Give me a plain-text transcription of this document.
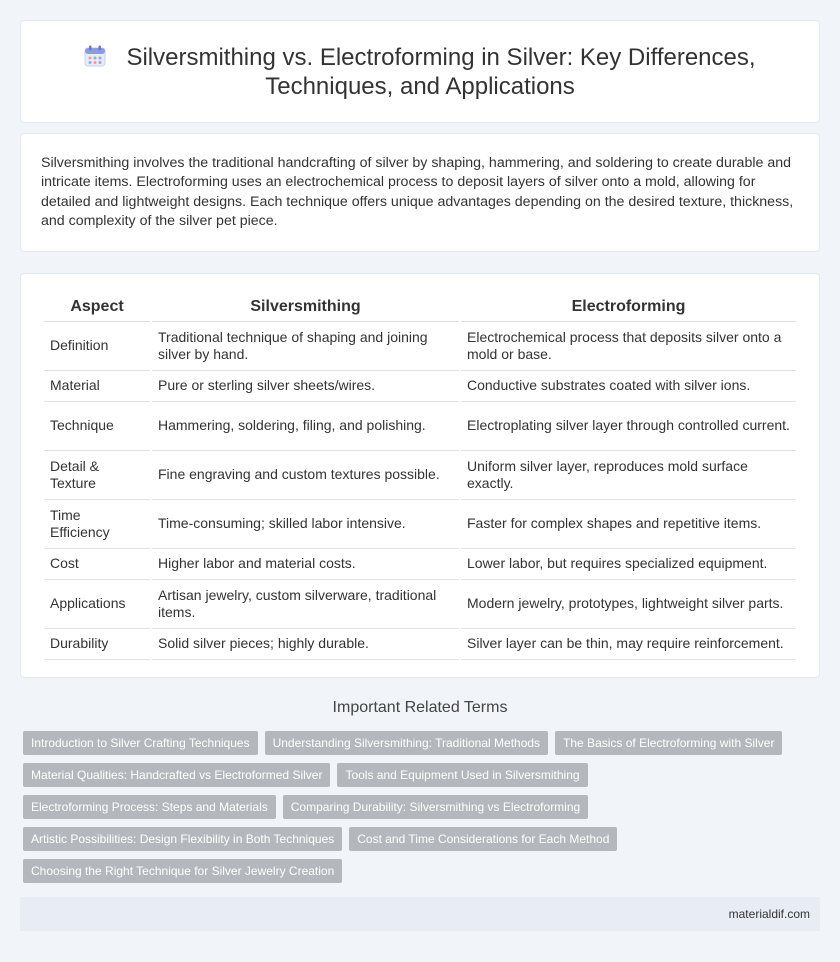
Silversmithing vs. Electroforming in Silver: Key Differences,
Techniques, and Applications

Silversmithing involves the traditional handcrafting of silver by shaping, hammering, and soldering to create durable and intricate items. Electroforming uses an electrochemical process to deposit layers of silver onto a mold, allowing for detailed and lightweight designs. Each technique offers unique advantages depending on the desired texture, thickness, and complexity of the silver pet piece.

Aspect	Silversmithing	Electroforming
Definition	Traditional technique of shaping and joining silver by hand.	Electrochemical process that deposits silver onto a mold or base.
Material	Pure or sterling silver sheets/wires.	Conductive substrates coated with silver ions.
Technique	Hammering, soldering, filing, and polishing.	Electroplating silver layer through controlled current.
Detail & Texture	Fine engraving and custom textures possible.	Uniform silver layer, reproduces mold surface exactly.
Time Efficiency	Time-consuming; skilled labor intensive.	Faster for complex shapes and repetitive items.
Cost	Higher labor and material costs.	Lower labor, but requires specialized equipment.
Applications	Artisan jewelry, custom silverware, traditional items.	Modern jewelry, prototypes, lightweight silver parts.
Durability	Solid silver pieces; highly durable.	Silver layer can be thin, may require reinforcement.
Important Related Terms
Introduction to Silver Crafting Techniques Understanding Silversmithing: Traditional Methods The Basics of Electroforming with Silver
Material Qualities: Handcrafted vs Electroformed Silver Tools and Equipment Used in Silversmithing
Electroforming Process: Steps and Materials Comparing Durability: Silversmithing vs Electroforming
Artistic Possibilities: Design Flexibility in Both Techniques Cost and Time Considerations for Each Method
Choosing the Right Technique for Silver Jewelry Creation
materialdif.com
